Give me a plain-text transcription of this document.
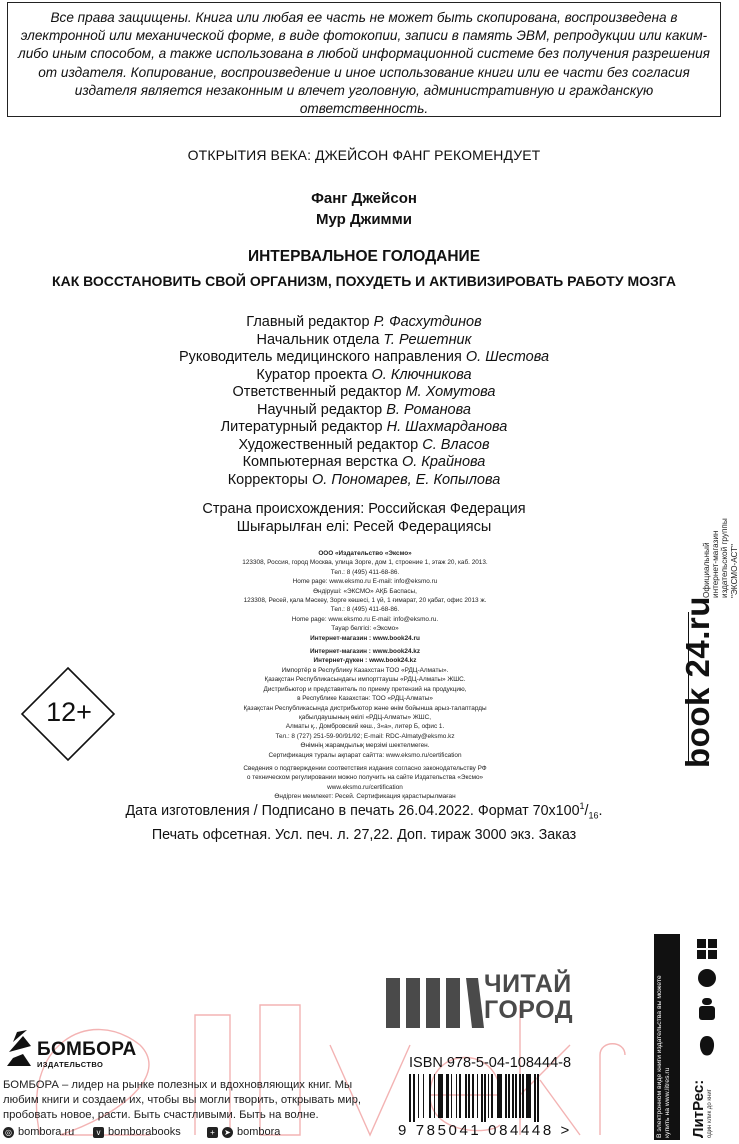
Все права защищены. Книга или любая ее часть не может быть скопирована, воспроизведена в электронной или механической форме, в виде фотокопии, записи в память ЭВМ, репродукции или каким-либо иным способом, а также использована в любой информационной системе без получения разрешения от издателя. Копирование, воспроизведение и иное использование книги или ее части без согласия издателя является незаконным и влечет уголовную, административную и гражданскую ответственность.
ОТКРЫТИЯ ВЕКА: ДЖЕЙСОН ФАНГ РЕКОМЕНДУЕТ
Фанг Джейсон
Мур Джимми
ИНТЕРВАЛЬНОЕ ГОЛОДАНИЕ
КАК ВОССТАНОВИТЬ СВОЙ ОРГАНИЗМ, ПОХУДЕТЬ И АКТИВИЗИРОВАТЬ РАБОТУ МОЗГА
Главный редактор Р. Фасхутдинов
Начальник отдела Т. Решетник
Руководитель медицинского направления О. Шестова
Куратор проекта О. Ключникова
Ответственный редактор М. Хомутова
Научный редактор В. Романова
Литературный редактор Н. Шахмарданова
Художественный редактор С. Власов
Компьютерная верстка О. Крайнова
Корректоры О. Пономарев, Е. Копылова
Страна происхождения: Российская Федерация
Шығарылған елі: Ресей Федерациясы
ООО «Издательство «Эксмо»
123308, Россия, город Москва, улица Зорге, дом 1, строение 1, этаж 20, каб. 2013.
Тел.: 8 (495) 411-68-86.
Home page: www.eksmo.ru E-mail: info@eksmo.ru
Өндіруші: «ЭКСМО» АҚБ Баспасы,
123308, Ресей, қала Мәскеу, Зорге көшесі, 1 үй, 1 ғимарат, 20 қабат, офис 2013 ж.
Тел.: 8 (495) 411-68-86.
Home page: www.eksmo.ru E-mail: info@eksmo.ru.
Тауар белгісі: «Эксмо»
Интернет-магазин : www.book24.ru

Интернет-магазин : www.book24.kz
Интернет-дүкен : www.book24.kz
Импортёр в Республику Казахстан ТОО «РДЦ-Алматы».
Қазақстан Республикасындағы импорттаушы «РДЦ-Алматы» ЖШС.
Дистрибьютор и представитель по приему претензий на продукцию,
в Республике Казахстан: ТОО «РДЦ-Алматы»
Қазақстан Республикасында дистрибьютор және өнім бойынша арыз-талаптарды
қабылдаушының өкілі «РДЦ-Алматы» ЖШС,
Алматы қ., Домбровский көш., 3«а», литер Б, офис 1.
Тел.: 8 (727) 251-59-90/91/92; E-mail: RDC-Almaty@eksmo.kz
Өнімнің жарамдылық мерзімі шектелмеген.
Сертификация туралы ақпарат сайтта: www.eksmo.ru/certification

Сведения о подтверждении соответствия издания согласно законодательству РФ
о техническом регулировании можно получить на сайте Издательства «Эксмо»
www.eksmo.ru/certification
Өндірген мемлекет: Ресей. Сертификация қарастырылмаған
12+
Дата изготовления / Подписано в печать 26.04.2022. Формат $70x100^1/_{16}$.
Печать офсетная. Усл. печ. л. 27,22. Доп. тираж 3000 экз. Заказ
Официальный интернет-магазин издательской группы "ЭКСМО-АСТ"
book 24.ru
ЧИТАЙ
ГОРОД
ISBN 978-5-04-108444-8
9 785041 084448 >	В электронном виде книги издательства вы можете купить на www.litres.ru ЛитРес: один клик до книг
БОМБОРА
ИЗДАТЕЛЬСТВО
БОМБОРА – лидер на рынке полезных и вдохновляющих книг. Мы любим книги и создаем их, чтобы вы могли творить, открывать мир, пробовать новое, расти. Быть счастливыми. Быть на волне.
◎ bombora.ru	v bomborabooks	+	➤ bombora
